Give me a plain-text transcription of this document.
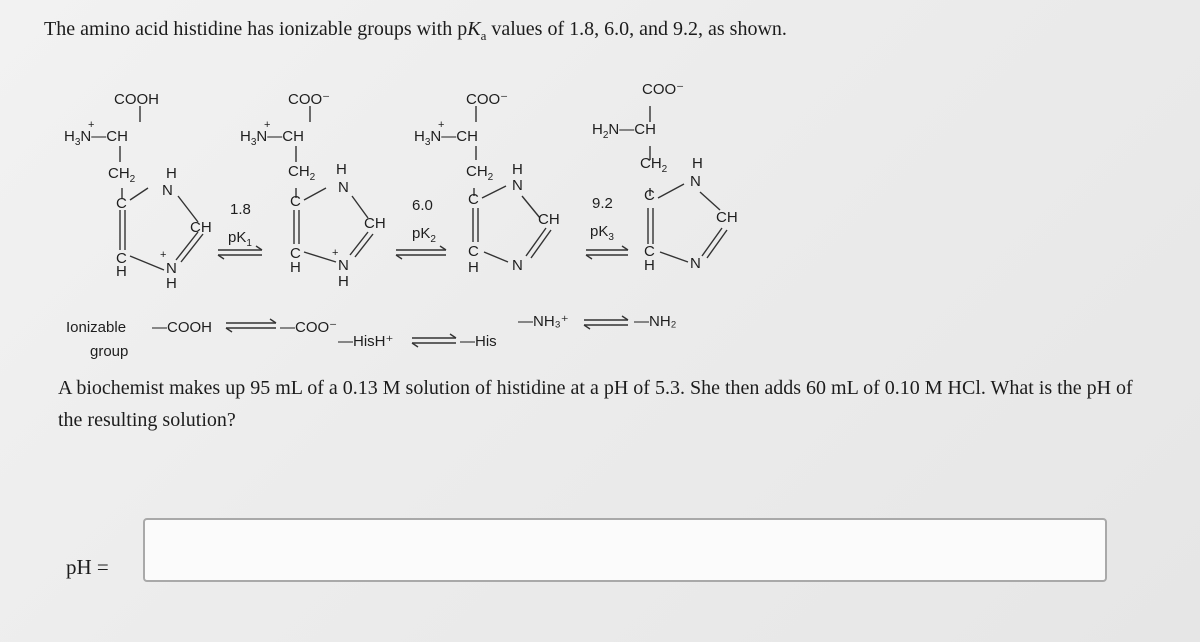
The amino acid histidine has ionizable groups with $pK_a$ values of 1.8, 6.0, and 9.2, as shown.
COOH
$H_3N—CH$
+
$CH_2$ H
N
C
CH
C
H	N
H
+
1.8
$pK_1$
COO⁻
$H_3N—CH$
+
$CH_2$ H
N
C
CH
C
H N
H
+
6.0
$pK_2$
COO⁻
$H_3N—CH$
+
$CH_2$ H
N
C
CH
C
H N
9.2
$pK_3$
COO⁻
$H_2N—CH$
$CH_2$ H
N
C
CH
C
H N
Ionizable
group
—COOH	—COO⁻
—HisH⁺	—His
—NH₃⁺	—NH₂
A biochemist makes up 95 mL of a 0.13 M solution of histidine at a pH of 5.3. She then adds 60 mL of 0.10 M HCl. What is the pH of the resulting solution?
pH =
